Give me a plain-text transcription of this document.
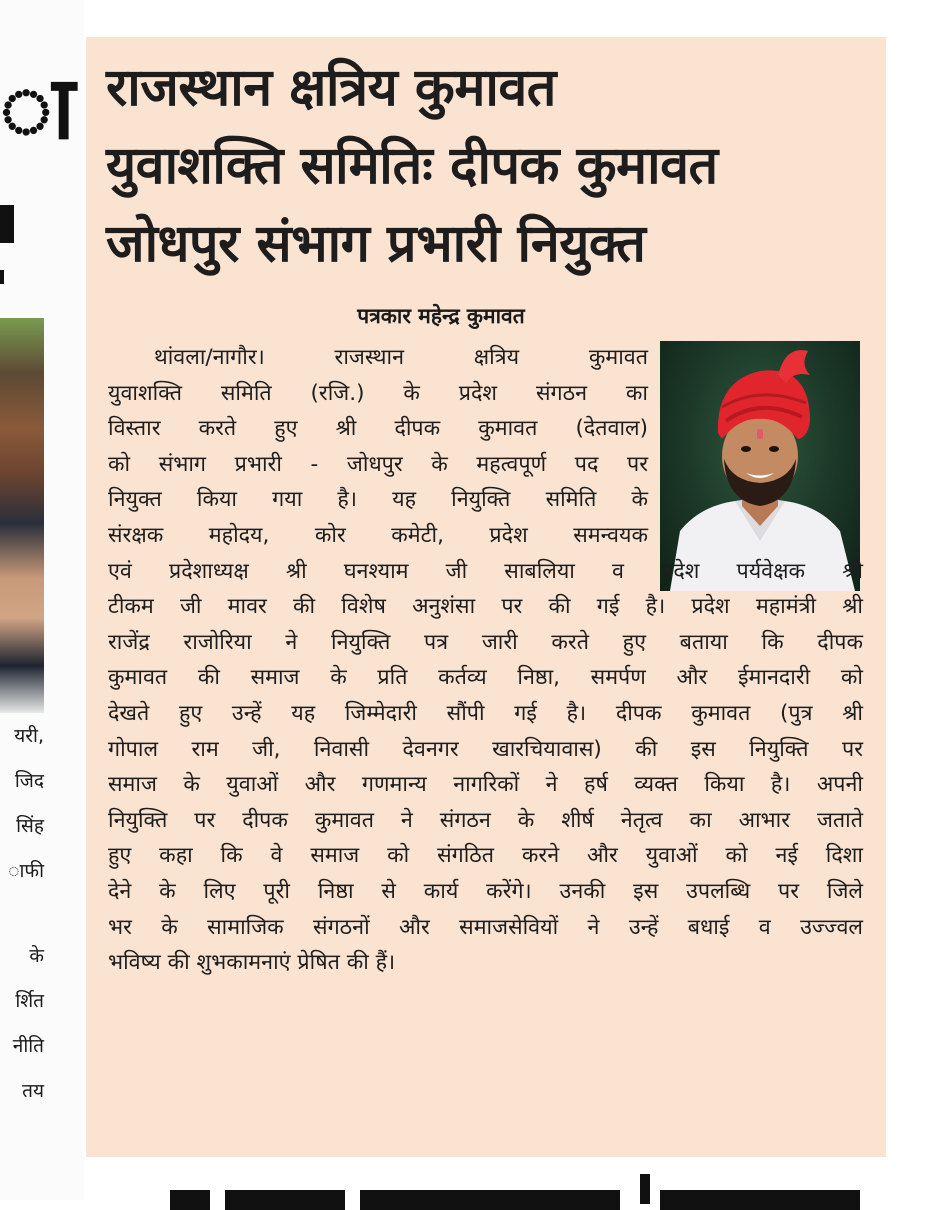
ा
यरी,
जिद
सिंह
ाफी
के
र्शित
नीति
तय
राजस्थान क्षत्रिय कुमावत
युवाशक्ति समितिः दीपक कुमावत
जोधपुर संभाग प्रभारी नियुक्त

पत्रकार महेन्द्र कुमावत

थांवला/नागौर। राजस्थान क्षत्रिय कुमावत
युवाशक्ति समिति (रजि.) के प्रदेश संगठन का
विस्तार करते हुए श्री दीपक कुमावत (देतवाल)
को संभाग प्रभारी - जोधपुर के महत्वपूर्ण पद पर
नियुक्त किया गया है। यह नियुक्ति समिति के
संरक्षक महोदय, कोर कमेटी, प्रदेश समन्वयक
एवं प्रदेशाध्यक्ष श्री घनश्याम जी साबलिया व प्रदेश पर्यवेक्षक श्री
टीकम जी मावर की विशेष अनुशंसा पर की गई है। प्रदेश महामंत्री श्री
राजेंद्र राजोरिया ने नियुक्ति पत्र जारी करते हुए बताया कि दीपक
कुमावत की समाज के प्रति कर्तव्य निष्ठा, समर्पण और ईमानदारी को
देखते हुए उन्हें यह जिम्मेदारी सौंपी गई है। दीपक कुमावत (पुत्र श्री
गोपाल राम जी, निवासी देवनगर खारचियावास) की इस नियुक्ति पर
समाज के युवाओं और गणमान्य नागरिकों ने हर्ष व्यक्त किया है। अपनी
नियुक्ति पर दीपक कुमावत ने संगठन के शीर्ष नेतृत्व का आभार जताते
हुए कहा कि वे समाज को संगठित करने और युवाओं को नई दिशा
देने के लिए पूरी निष्ठा से कार्य करेंगे। उनकी इस उपलब्धि पर जिले
भर के सामाजिक संगठनों और समाजसेवियों ने उन्हें बधाई व उज्ज्वल
भविष्य की शुभकामनाएं प्रेषित की हैं।
